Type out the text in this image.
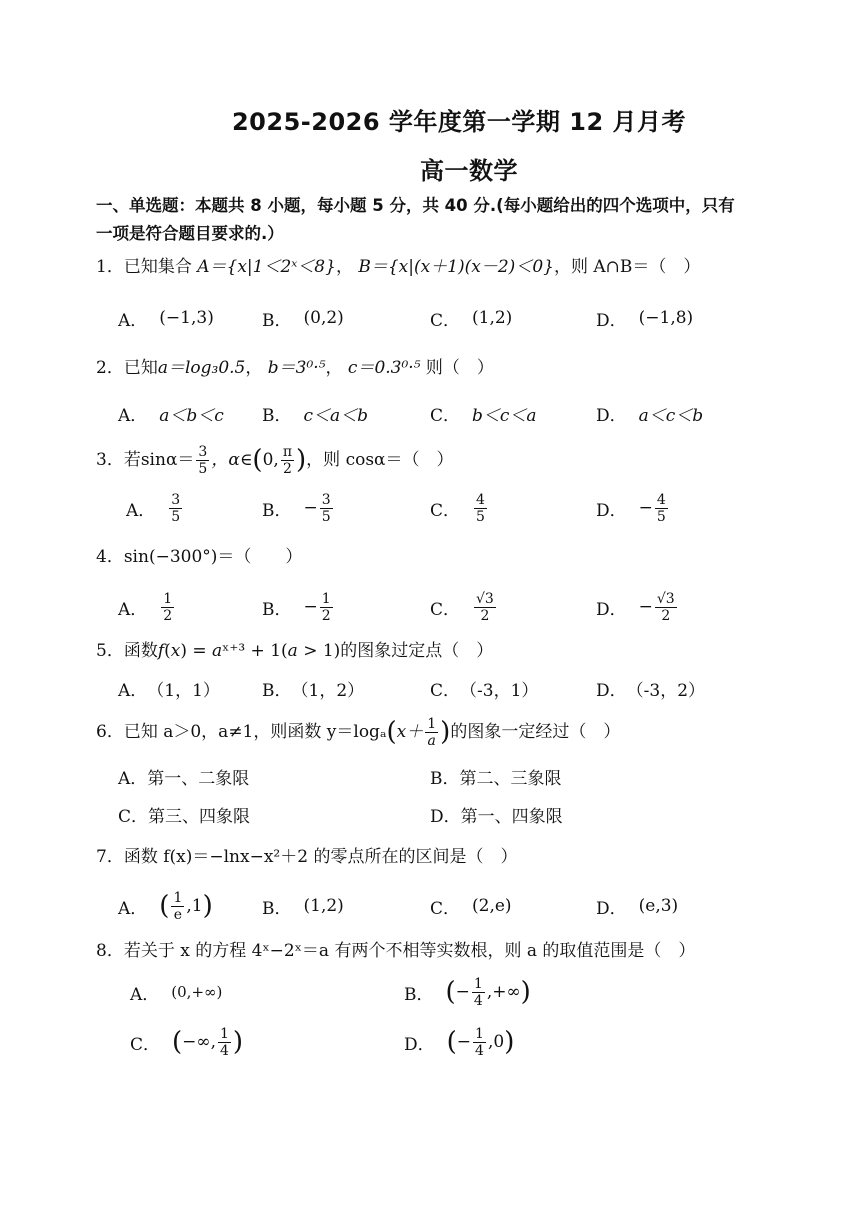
2025-2026 学年度第一学期 12 月月考
高一数学
一、单选题：本题共 8 小题，每小题 5 分，共 40 分.(每小题给出的四个选项中，只有
一项是符合题目要求的.）
1．已知集合 A＝{x|1＜2ˣ＜8}， B＝{x|(x＋1)(x－2)＜0}，则 A∩B＝（　）
A． (−1,3)	B． (0,2)	C． (1,2)	D． (−1,8)
2．已知a＝log₃0.5， b＝3⁰·⁵， c＝0.3⁰·⁵ 则（　）
A． a＜b＜c B． c＜a＜b	C． b＜c＜a	D． a＜c＜b
3． 若 $\sin\alpha= \frac{3}{5}$ ，α∈ ( 0, $\frac{\pi}{2}$ ) ，则 cosα＝（　）
A． $\frac{3}{5}$	B． − $\frac{3}{5}$	C． $\frac{4}{5}$	D． − $\frac{4}{5}$
4．sin(−300°)＝（　　）
A． $\frac{1}{2}$	B． − $\frac{1}{2}$	C． $\frac{√3}{2}$	D． − $\frac{√3}{2}$
5．函数𝑓(𝑥) = 𝑎ˣ⁺³ + 1(𝑎 > 1)的图象过定点（　）
A． （1，1） B． （1，2）	C． （-3，1）	D． （-3，2）
6． 已知 a＞0，a≠1，则函数 y＝logₐ ( $x+ \frac{1}{a}$ ) 的图象一定经过（　）
A．第一、二象限	B．第二、三象限
C．第三、四象限	D．第一、四象限
7．函数 f(x)＝−lnx−x²＋2 的零点所在的区间是（　）
A． ( $\frac{1}{e} ,1$ )	B． (1,2)	C． (2,e)	D． (e,3)
8．若关于 x 的方程 4ˣ−2ˣ＝a 有两个不相等实数根，则 a 的取值范围是（　）
A． (0,+∞)	B． ( − $\frac{1}{4}$ ,+∞ )
C． ( −∞, $\frac{1}{4}$ )	D． ( − $\frac{1}{4} ,0$ )
